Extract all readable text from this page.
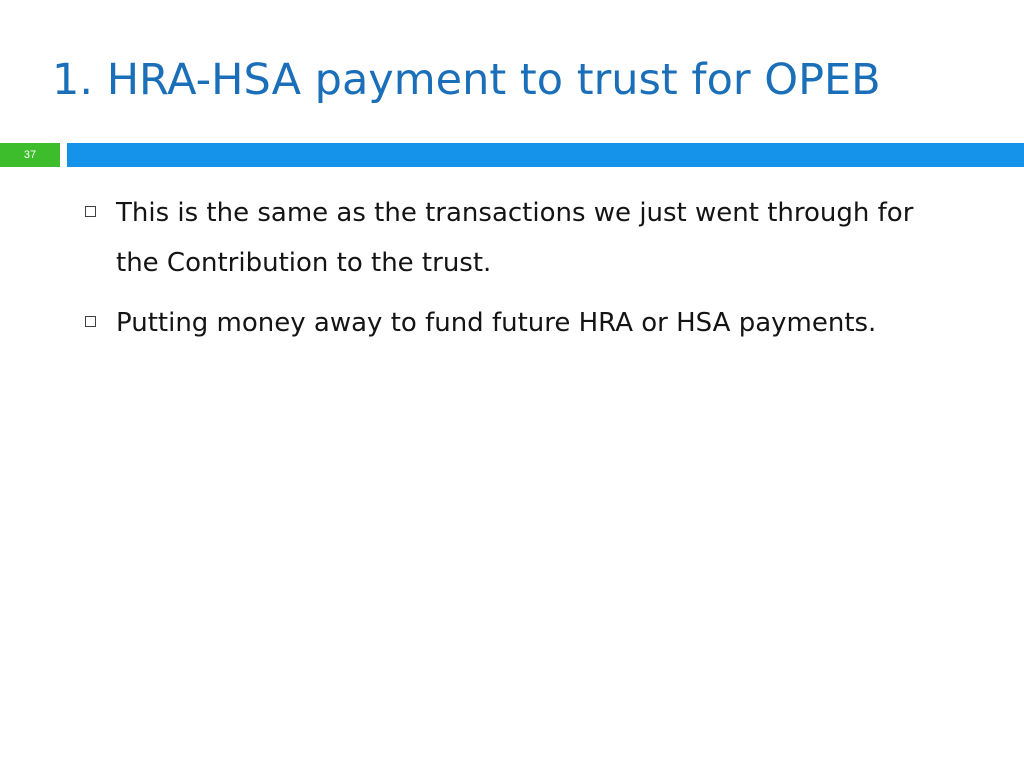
1. HRA-HSA payment to trust for OPEB
37
This is the same as the transactions we just went through for the Contribution to the trust.
Putting money away to fund future HRA or HSA payments.
